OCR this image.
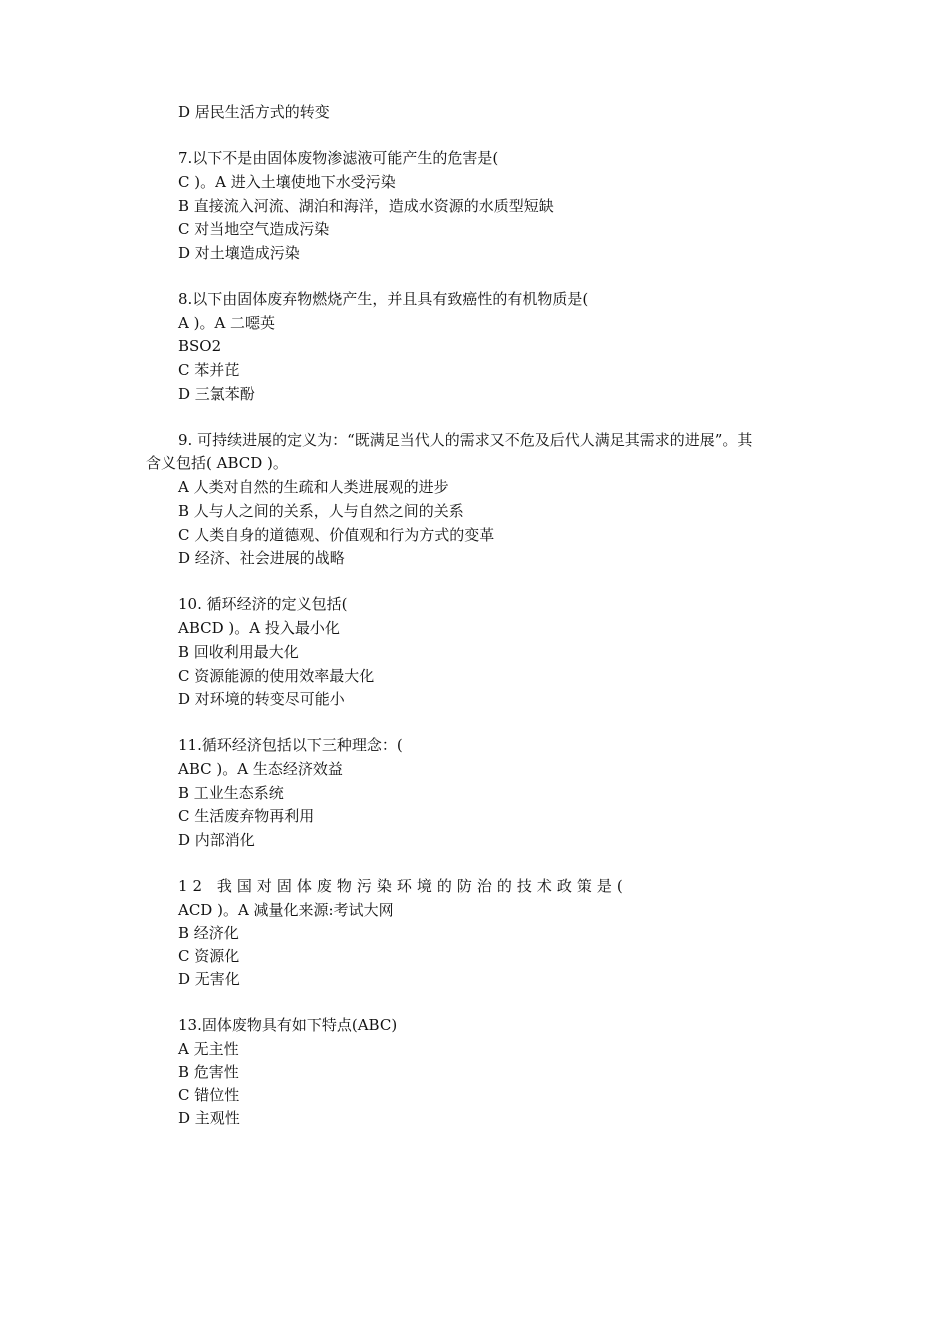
D 居民生活方式的转变
7.以下不是由固体废物渗滤液可能产生的危害是(
C )。A 进入土壤使地下水受污染
B 直接流入河流、湖泊和海洋，造成水资源的水质型短缺
C 对当地空气造成污染
D 对土壤造成污染
8.以下由固体废弃物燃烧产生，并且具有致癌性的有机物质是(
A )。A 二噁英
BSO2
C 苯并芘
D 三氯苯酚
9. 可持续进展的定义为：“既满足当代人的需求又不危及后代人满足其需求的进展”。其
含义包括( ABCD )。
A 人类对自然的生疏和人类进展观的进步
B 人与人之间的关系，人与自然之间的关系
C 人类自身的道德观、价值观和行为方式的变革
D 经济、社会进展的战略
10. 循环经济的定义包括(
ABCD )。A 投入最小化
B 回收利用最大化
C 资源能源的使用效率最大化
D 对环境的转变尽可能小
11.循环经济包括以下三种理念：(
ABC )。A 生态经济效益
B 工业生态系统
C 生活废弃物再利用
D 内部消化
12 我国对固体废物污染环境的防治的技术政策是(
ACD )。A 减量化来源:考试大网
B 经济化
C 资源化
D 无害化
13.固体废物具有如下特点(ABC)
A 无主性
B 危害性
C 错位性
D 主观性
